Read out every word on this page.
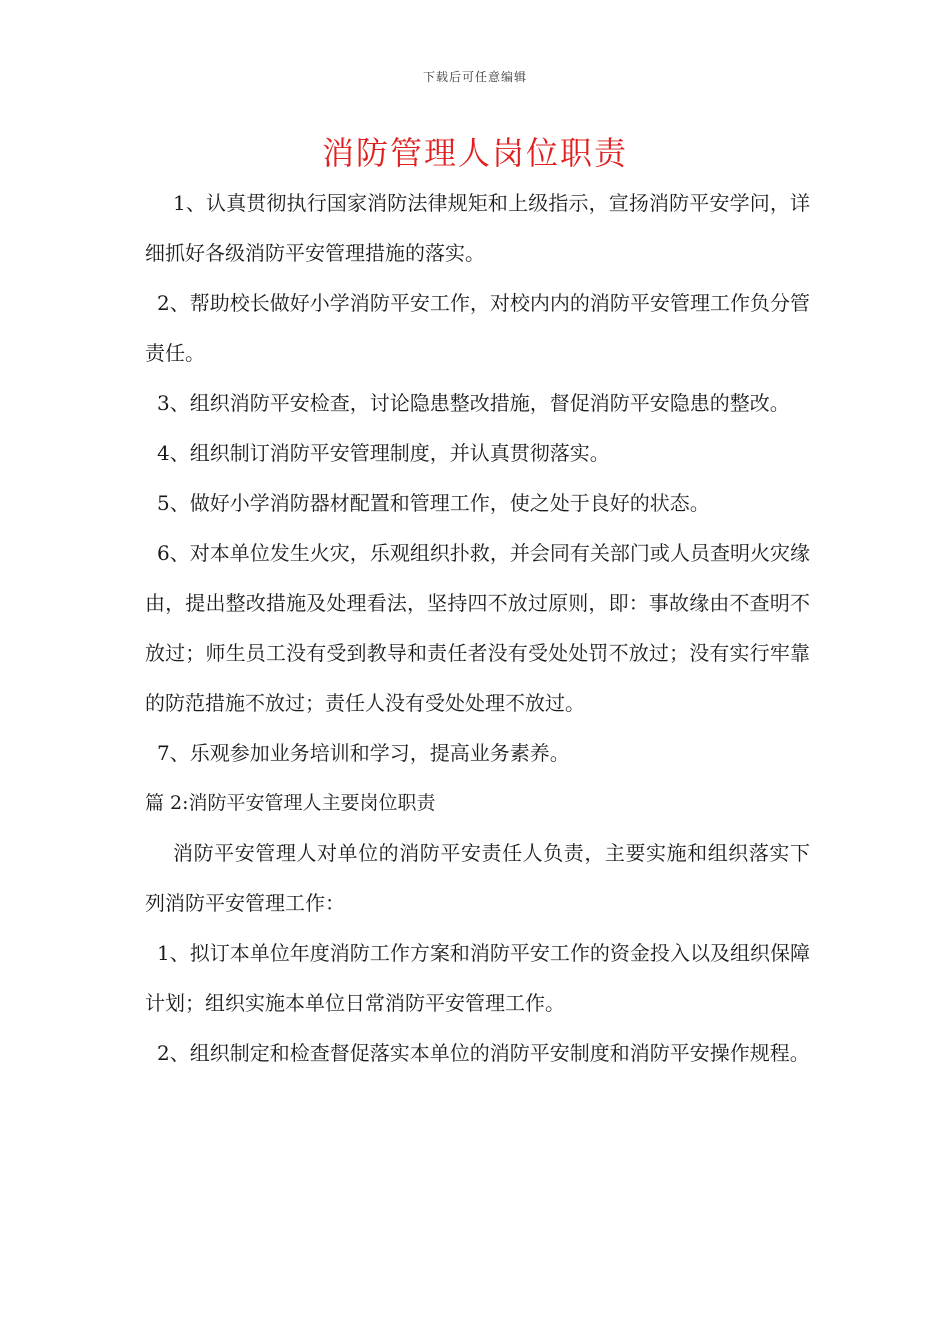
下载后可任意编辑
消防管理人岗位职责

1、认真贯彻执行国家消防法律规矩和上级指示，宣扬消防平安学问，详细抓好各级消防平安管理措施的落实。

2、帮助校长做好小学消防平安工作，对校内内的消防平安管理工作负分管责任。

3、组织消防平安检查，讨论隐患整改措施，督促消防平安隐患的整改。

4、组织制订消防平安管理制度，并认真贯彻落实。

5、做好小学消防器材配置和管理工作，使之处于良好的状态。

6、对本单位发生火灾，乐观组织扑救，并会同有关部门或人员查明火灾缘由，提出整改措施及处理看法，坚持四不放过原则，即：事故缘由不查明不放过；师生员工没有受到教导和责任者没有受处处罚不放过；没有实行牢靠的防范措施不放过；责任人没有受处处理不放过。

7、乐观参加业务培训和学习，提高业务素养。

篇 2:消防平安管理人主要岗位职责

消防平安管理人对单位的消防平安责任人负责，主要实施和组织落实下列消防平安管理工作：

1、拟订本单位年度消防工作方案和消防平安工作的资金投入以及组织保障计划；组织实施本单位日常消防平安管理工作。

2、组织制定和检查督促落实本单位的消防平安制度和消防平安操作规程。
